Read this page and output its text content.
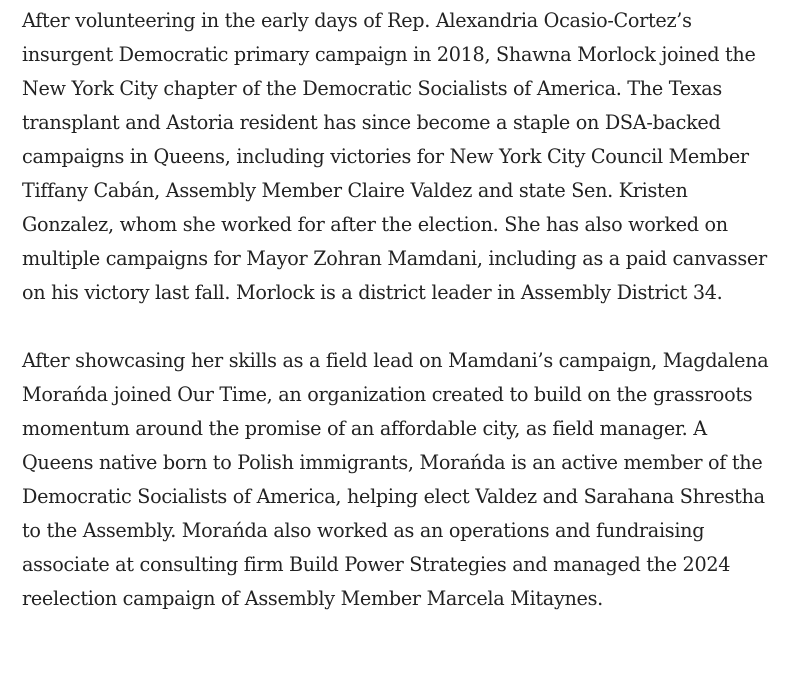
After volunteering in the early days of Rep. Alexandria Ocasio-Cortez’s insurgent Democratic primary campaign in 2018, Shawna Morlock joined the New York City chapter of the Democratic Socialists of America. The Texas transplant and Astoria resident has since become a staple on DSA-backed campaigns in Queens, including victories for New York City Council Member Tiffany Cabán, Assembly Member Claire Valdez and state Sen. Kristen Gonzalez, whom she worked for after the election. She has also worked on multiple campaigns for Mayor Zohran Mamdani, including as a paid canvasser on his victory last fall. Morlock is a district leader in Assembly District 34.

After showcasing her skills as a field lead on Mamdani’s campaign, Magdalena Morańda joined Our Time, an organization created to build on the grassroots momentum around the promise of an affordable city, as field manager. A Queens native born to Polish immigrants, Morańda is an active member of the Democratic Socialists of America, helping elect Valdez and Sarahana Shrestha to the Assembly. Morańda also worked as an operations and fundraising associate at consulting firm Build Power Strategies and managed the 2024 reelection campaign of Assembly Member Marcela Mitaynes.
